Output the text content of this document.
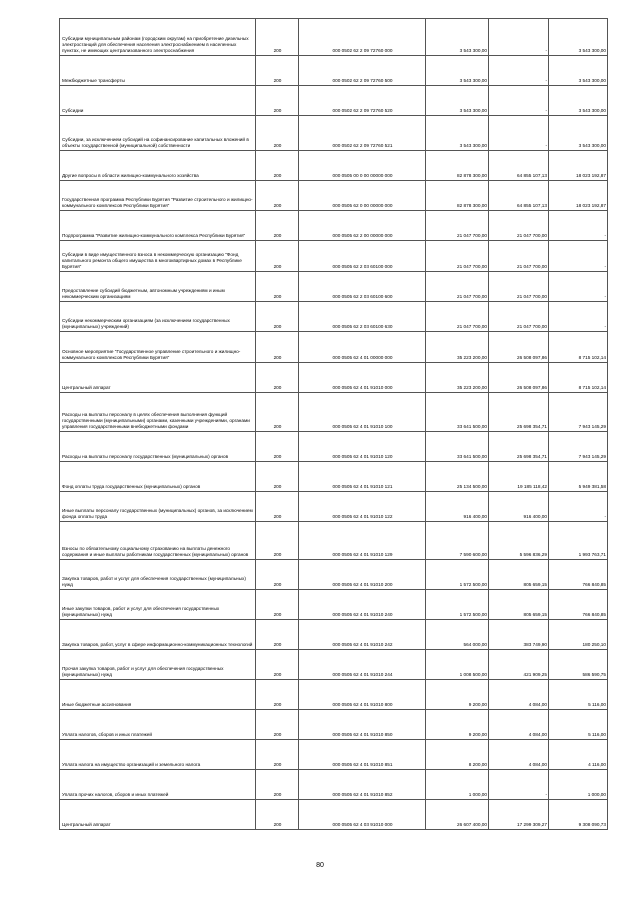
Субсидии муниципальным районам (городским округам) на приобретение дизельных электростанций для обеспечения населения электроснабжением в населенных пунктах, не имеющих централизованного электроснабжения	200	000 0502 62 2 09 72760 000	3 543 300,00	-	3 543 300,00
Межбюджетные трансферты	200	000 0502 62 2 09 72760 500	3 543 300,00	-	3 543 300,00
Субсидии	200	000 0502 62 2 09 72760 520	3 543 300,00	-	3 543 300,00
Субсидии, за исключением субсидий на софинансирование капитальных вложений в объекты государственной (муниципальной) собственности	200	000 0502 62 2 09 72760 521	3 543 300,00	-	3 543 300,00
Другие вопросы в области жилищно-коммунального хозяйства	200	000 0505 00 0 00 00000 000	82 878 300,00	64 855 107,13	18 023 192,87
Государственная программа Республики Бурятия "Развитие строительного и жилищно-коммунального комплексов Республики Бурятия"	200	000 0505 62 0 00 00000 000	82 878 300,00	64 855 107,13	18 023 192,87
Подпрограмма "Развитие жилищно-коммунального комплекса Республики Бурятия"	200	000 0505 62 2 00 00000 000	21 047 700,00	21 047 700,00	-
Субсидии в виде имущественного взноса в некоммерческую организацию "Фонд капитального ремонта общего имущества в многоквартирных домах в Республике Бурятия"	200	000 0505 62 2 03 60100 000	21 047 700,00	21 047 700,00	-
Предоставление субсидий бюджетным, автономным учреждениям и иным некоммерческим организациям	200	000 0505 62 2 03 60100 600	21 047 700,00	21 047 700,00	-
Субсидии некоммерческим организациям (за исключением государственных (муниципальных) учреждений)	200	000 0505 62 2 03 60100 630	21 047 700,00	21 047 700,00	-
Основное мероприятие "Государственное управление строительного и жилищно-коммунального комплексов Республики Бурятия"	200	000 0505 62 4 01 00000 000	35 223 200,00	26 508 097,86	8 715 102,14
Центральный аппарат	200	000 0505 62 4 01 91010 000	35 223 200,00	26 508 097,86	8 715 102,14
Расходы на выплаты персоналу в целях обеспечения выполнения функций государственными (муниципальными) органами, казенными учреждениями, органами управления государственными внебюджетными фондами	200	000 0505 62 4 01 91010 100	33 641 500,00	25 698 354,71	7 943 145,29
Расходы на выплаты персоналу государственных (муниципальных) органов	200	000 0505 62 4 01 91010 120	33 641 500,00	25 698 354,71	7 943 145,29
Фонд оплаты труда государственных (муниципальных) органов	200	000 0505 62 4 01 91010 121	25 134 500,00	19 185 118,42	5 949 381,58
Иные выплаты персоналу государственных (муниципальных) органов, за исключением фонда оплаты труда	200	000 0505 62 4 01 91010 122	916 400,00	916 400,00	-
Взносы по обязательному социальному страхованию на выплаты денежного содержания и иные выплаты работникам государственных (муниципальных) органов	200	000 0505 62 4 01 91010 129	7 590 600,00	5 596 836,29	1 993 763,71
Закупка товаров, работ и услуг для обеспечения государственных (муниципальных) нужд	200	000 0505 62 4 01 91010 200	1 572 500,00	805 659,15	766 840,85
Иные закупки товаров, работ и услуг для обеспечения государственных (муниципальных) нужд	200	000 0505 62 4 01 91010 240	1 572 500,00	805 659,15	766 840,85
Закупка товаров, работ, услуг в сфере информационно-коммуникационных технологий	200	000 0505 62 4 01 91010 242	564 000,00	383 749,90	180 250,10
Прочая закупка товаров, работ и услуг для обеспечения государственных (муниципальных) нужд	200	000 0505 62 4 01 91010 244	1 008 500,00	421 909,25	586 590,75
Иные бюджетные ассигнования	200	000 0505 62 4 01 91010 800	9 200,00	4 084,00	5 116,00
Уплата налогов, сборов и иных платежей	200	000 0505 62 4 01 91010 850	9 200,00	4 084,00	5 116,00
Уплата налога на имущество организаций и земельного налога	200	000 0505 62 4 01 91010 851	8 200,00	4 084,00	4 116,00
Уплата прочих налогов, сборов и иных платежей	200	000 0505 62 4 01 91010 852	1 000,00	-	1 000,00
Центральный аппарат	200	000 0505 62 4 03 91010 000	26 607 400,00	17 299 309,27	9 308 090,73
80
